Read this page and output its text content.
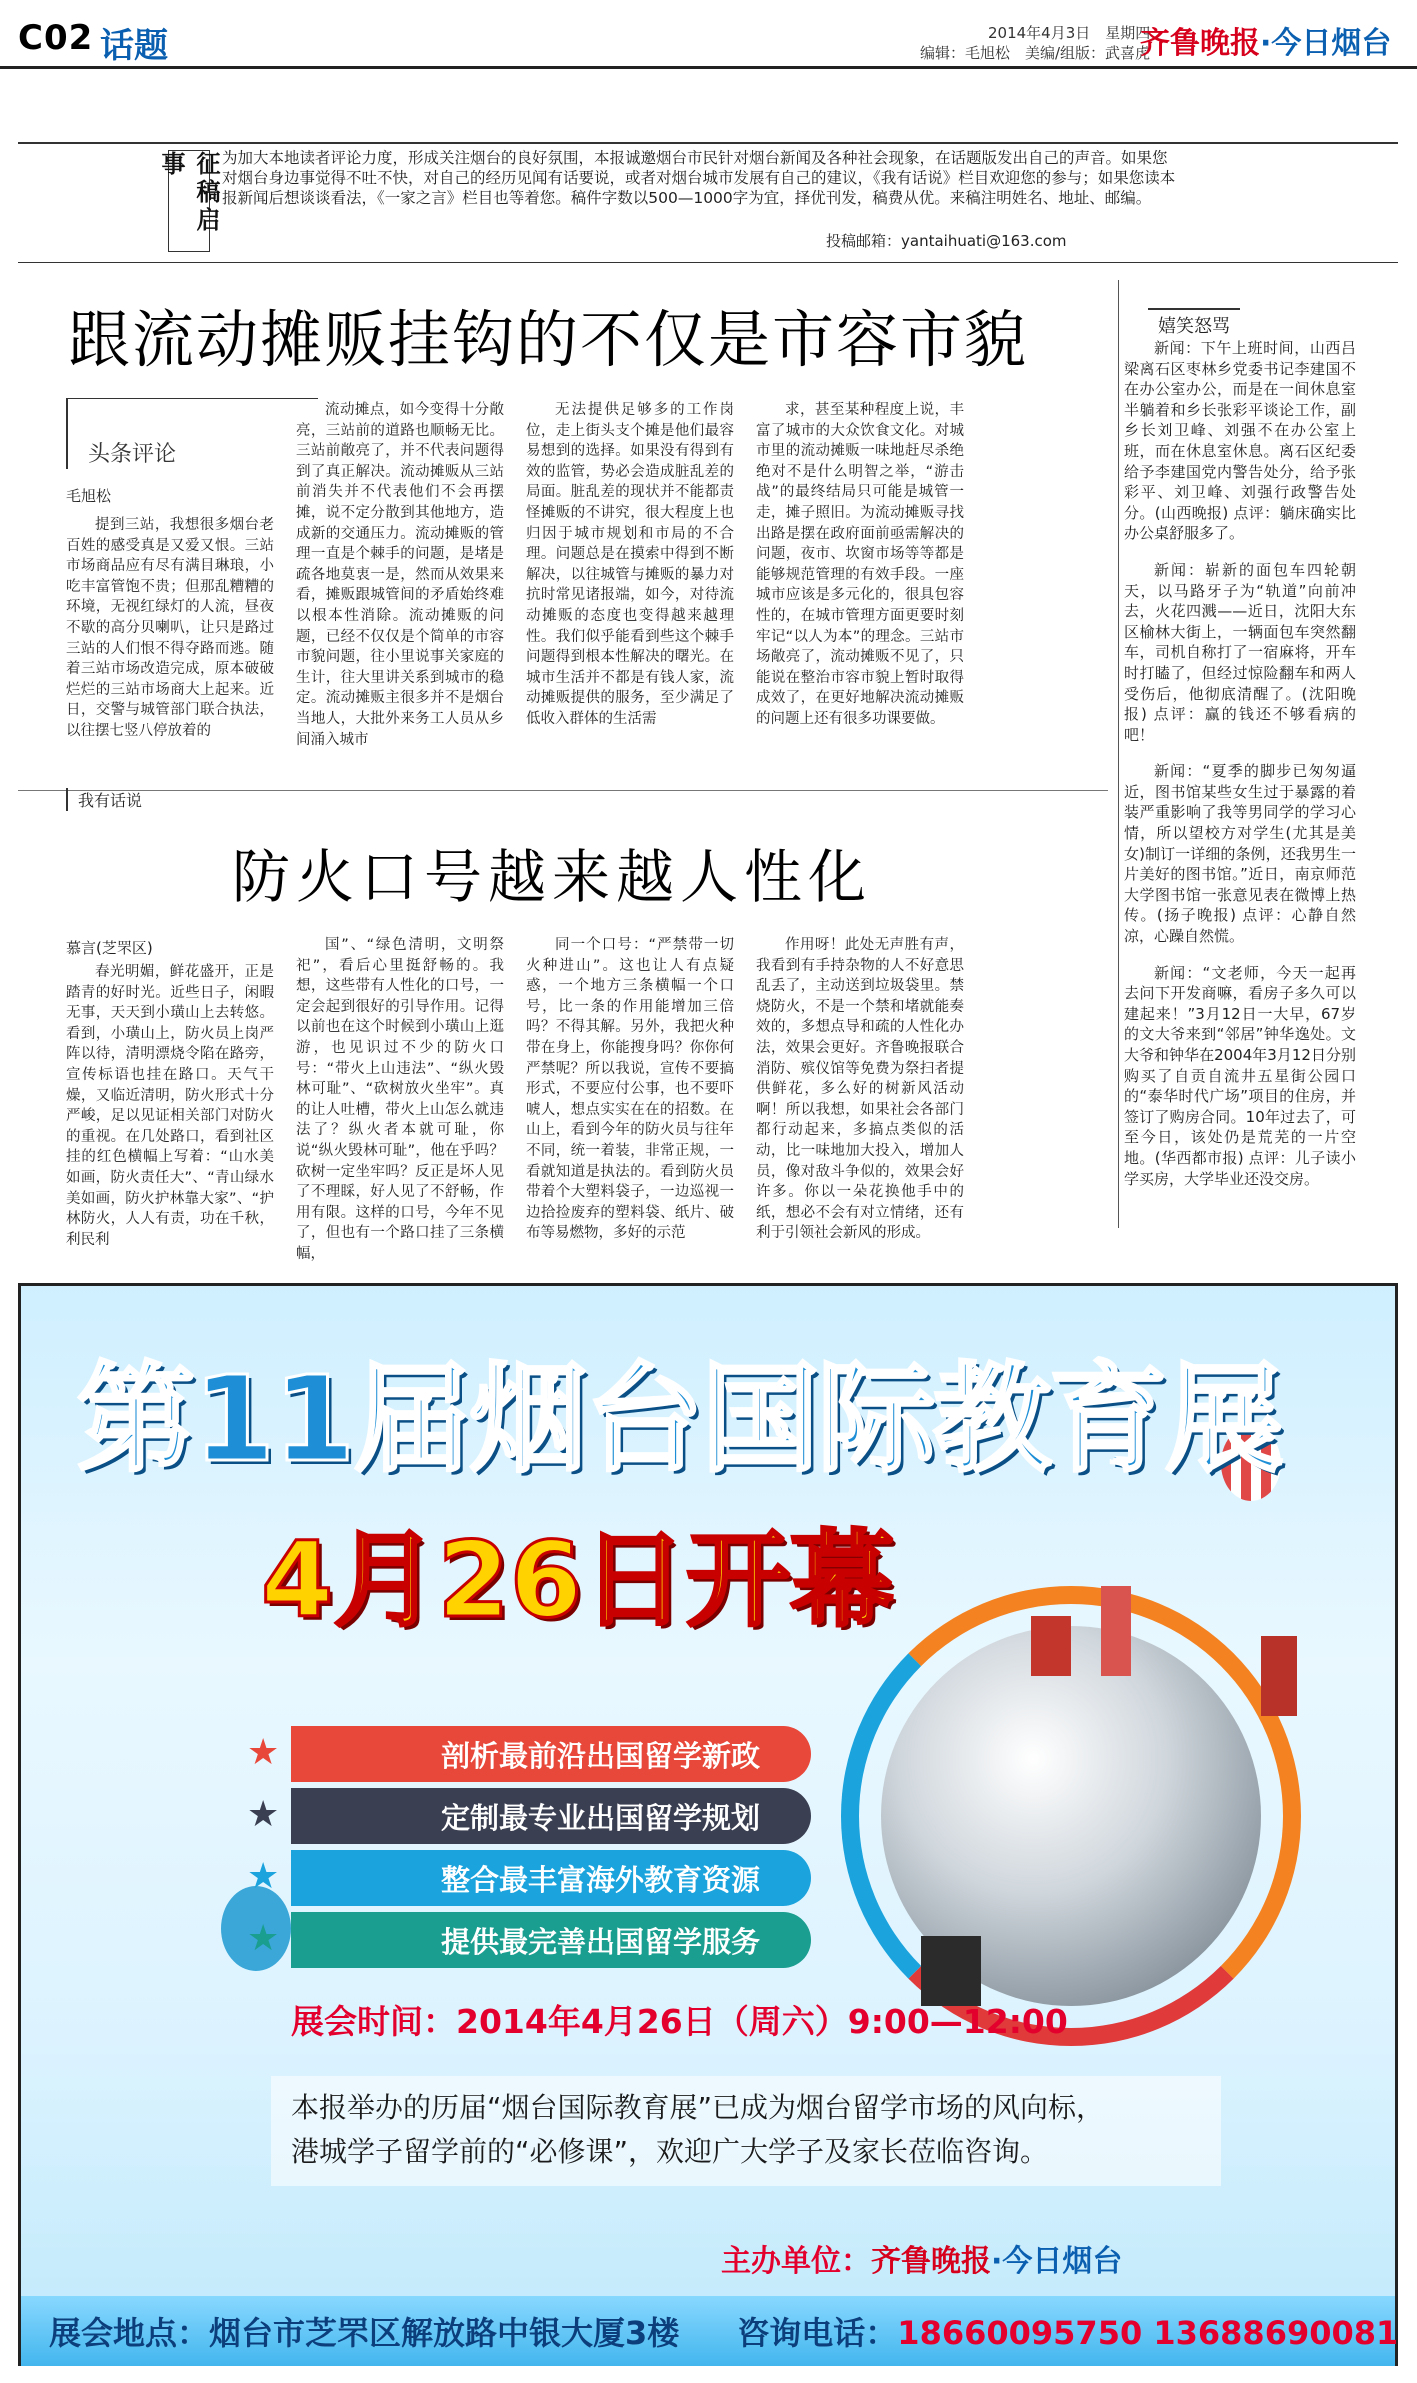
C02 话题	2014年4月3日　星期四
编辑：毛旭松　美编/组版：武喜虎
齐鲁晚报·今日烟台
征稿启事	为加大本地读者评论力度，形成关注烟台的良好氛围，本报诚邀烟台市民针对烟台新闻及各种社会现象，在话题版发出自己的声音。如果您对烟台身边事觉得不吐不快，对自己的经历见闻有话要说，或者对烟台城市发展有自己的建议，《我有话说》栏目欢迎您的参与；如果您读本报新闻后想谈谈看法，《一家之言》栏目也等着您。稿件字数以500—1000字为宜，择优刊发，稿费从优。来稿注明姓名、地址、邮编。
投稿邮箱：yantaihuati@163.com
跟流动摊贩挂钩的不仅是市容市貌
头条评论
毛旭松

提到三站，我想很多烟台老百姓的感受真是又爱又恨。三站市场商品应有尽有满目琳琅，小吃丰富管饱不贵；但那乱糟糟的环境，无视红绿灯的人流，昼夜不歇的高分贝喇叭，让只是路过三站的人们恨不得夺路而逃。随着三站市场改造完成，原本破破烂烂的三站市场商大上起来。近日，交警与城管部门联合执法，以往摆七竖八停放着的

流动摊点，如今变得十分敞亮，三站前的道路也顺畅无比。三站前敞亮了，并不代表问题得到了真正解决。流动摊贩从三站前消失并不代表他们不会再摆摊，说不定分散到其他地方，造成新的交通压力。流动摊贩的管理一直是个棘手的问题，是堵是疏各地莫衷一是，然而从效果来看，摊贩跟城管间的矛盾始终难以根本性消除。流动摊贩的问题，已经不仅仅是个简单的市容市貌问题，往小里说事关家庭的生计，往大里讲关系到城市的稳定。流动摊贩主很多并不是烟台当地人，大批外来务工人员从乡间涌入城市

无法提供足够多的工作岗位，走上街头支个摊是他们最容易想到的选择。如果没有得到有效的监管，势必会造成脏乱差的局面。脏乱差的现状并不能都责怪摊贩的不讲究，很大程度上也归因于城市规划和市局的不合理。问题总是在摸索中得到不断解决，以往城管与摊贩的暴力对抗时常见诸报端，如今，对待流动摊贩的态度也变得越来越理性。我们似乎能看到些这个棘手问题得到根本性解决的曙光。在城市生活并不都是有钱人家，流动摊贩提供的服务，至少满足了低收入群体的生活需

求，甚至某种程度上说，丰富了城市的大众饮食文化。对城市里的流动摊贩一味地赶尽杀绝绝对不是什么明智之举，“游击战”的最终结局只可能是城管一走，摊子照旧。为流动摊贩寻找出路是摆在政府面前亟需解决的问题，夜市、坎窗市场等等都是能够规范管理的有效手段。一座城市应该是多元化的，很具包容性的，在城市管理方面更要时刻牢记“以人为本”的理念。三站市场敞亮了，流动摊贩不见了，只能说在整治市容市貌上暂时取得成效了，在更好地解决流动摊贩的问题上还有很多功课要做。

我有话说
防火口号越来越人性化
慕言(芝罘区)

春光明媚，鲜花盛开，正是踏青的好时光。近些日子，闲暇无事，天天到小璜山上去转悠。看到，小璜山上，防火员上岗严阵以待，清明漂烧令陷在路旁，宣传标语也挂在路口。天气干燥，又临近清明，防火形式十分严峻，足以见证相关部门对防火的重视。在几处路口，看到社区挂的红色横幅上写着：“山水美如画，防火责任大”、“青山绿水美如画，防火护林靠大家”、“护林防火，人人有责，功在千秋，利民利

国”、“绿色清明，文明祭祀”，看后心里挺舒畅的。我想，这些带有人性化的口号，一定会起到很好的引导作用。记得以前也在这个时候到小璜山上逛游，也见识过不少的防火口号：“带火上山违法”、“纵火毁林可耻”、“砍树放火坐牢”。真的让人吐槽，带火上山怎么就违法了？纵火者本就可耻，你说“纵火毁林可耻”，他在乎吗？砍树一定坐牢吗？反正是坏人见了不理睬，好人见了不舒畅，作用有限。这样的口号，今年不见了，但也有一个路口挂了三条横幅，

同一个口号：“严禁带一切火种进山”。这也让人有点疑惑，一个地方三条横幅一个口号，比一条的作用能增加三倍吗？不得其解。另外，我把火种带在身上，你能搜身吗？你你何严禁呢？所以我说，宣传不要搞形式，不要应付公事，也不要吓唬人，想点实实在在的招数。在山上，看到今年的防火员与往年不同，统一着装，非常正规，一看就知道是执法的。看到防火员带着个大塑料袋子，一边巡视一边拾捡废弃的塑料袋、纸片、破布等易燃物，多好的示范

作用呀！此处无声胜有声，我看到有手持杂物的人不好意思乱丢了，主动送到垃圾袋里。禁烧防火，不是一个禁和堵就能奏效的，多想点导和疏的人性化办法，效果会更好。齐鲁晚报联合消防、殡仪馆等免费为祭扫者提供鲜花，多么好的树新风活动啊！所以我想，如果社会各部门都行动起来，多搞点类似的活动，比一味地加大投入，增加人员，像对敌斗争似的，效果会好许多。你以一朵花换他手中的纸，想必不会有对立情绪，还有利于引领社会新风的形成。

嬉笑怒骂

新闻：下午上班时间，山西吕梁离石区枣林乡党委书记李建国不在办公室办公，而是在一间休息室半躺着和乡长张彩平谈论工作，副乡长刘卫峰、刘强不在办公室上班，而在休息室休息。离石区纪委给予李建国党内警告处分，给予张彩平、刘卫峰、刘强行政警告处分。(山西晚报) 点评：躺床确实比办公桌舒服多了。

新闻：崭新的面包车四轮朝天，以马路牙子为“轨道”向前冲去，火花四溅——近日，沈阳大东区榆林大街上，一辆面包车突然翻车，司机自称打了一宿麻将，开车时打瞌了，但经过惊险翻车和两人受伤后，他彻底清醒了。(沈阳晚报) 点评：赢的钱还不够看病的吧！

新闻：“夏季的脚步已匆匆逼近，图书馆某些女生过于暴露的着装严重影响了我等男同学的学习心情，所以望校方对学生(尤其是美女)制订一详细的条例，还我男生一片美好的图书馆。”近日，南京师范大学图书馆一张意见表在微博上热传。(扬子晚报) 点评：心静自然凉，心躁自然慌。

新闻：“文老师，今天一起再去问下开发商嘛，看房子多久可以建起来！”3月12日一大早，67岁的文大爷来到“邻居”钟华逸处。文大爷和钟华在2004年3月12日分别购买了自贡自流井五星街公园口的“泰华时代广场”项目的住房，并签订了购房合同。10年过去了，可至今日，该处仍是荒芜的一片空地。(华西都市报) 点评：儿子读小学买房，大学毕业还没交房。

第11届烟台国际教育展
4月26日开幕
★	剖析最前沿出国留学新政
★	定制最专业出国留学规划
★	整合最丰富海外教育资源
★	提供最完善出国留学服务
展会时间：2014年4月26日（周六）9:00—12:00
本报举办的历届“烟台国际教育展”已成为烟台留学市场的风向标，
港城学子留学前的“必修课”，欢迎广大学子及家长莅临咨询。
主办单位：齐鲁晚报·今日烟台
展会地点：烟台市芝罘区解放路中银大厦3楼 咨询电话：18660095750 13688690081
